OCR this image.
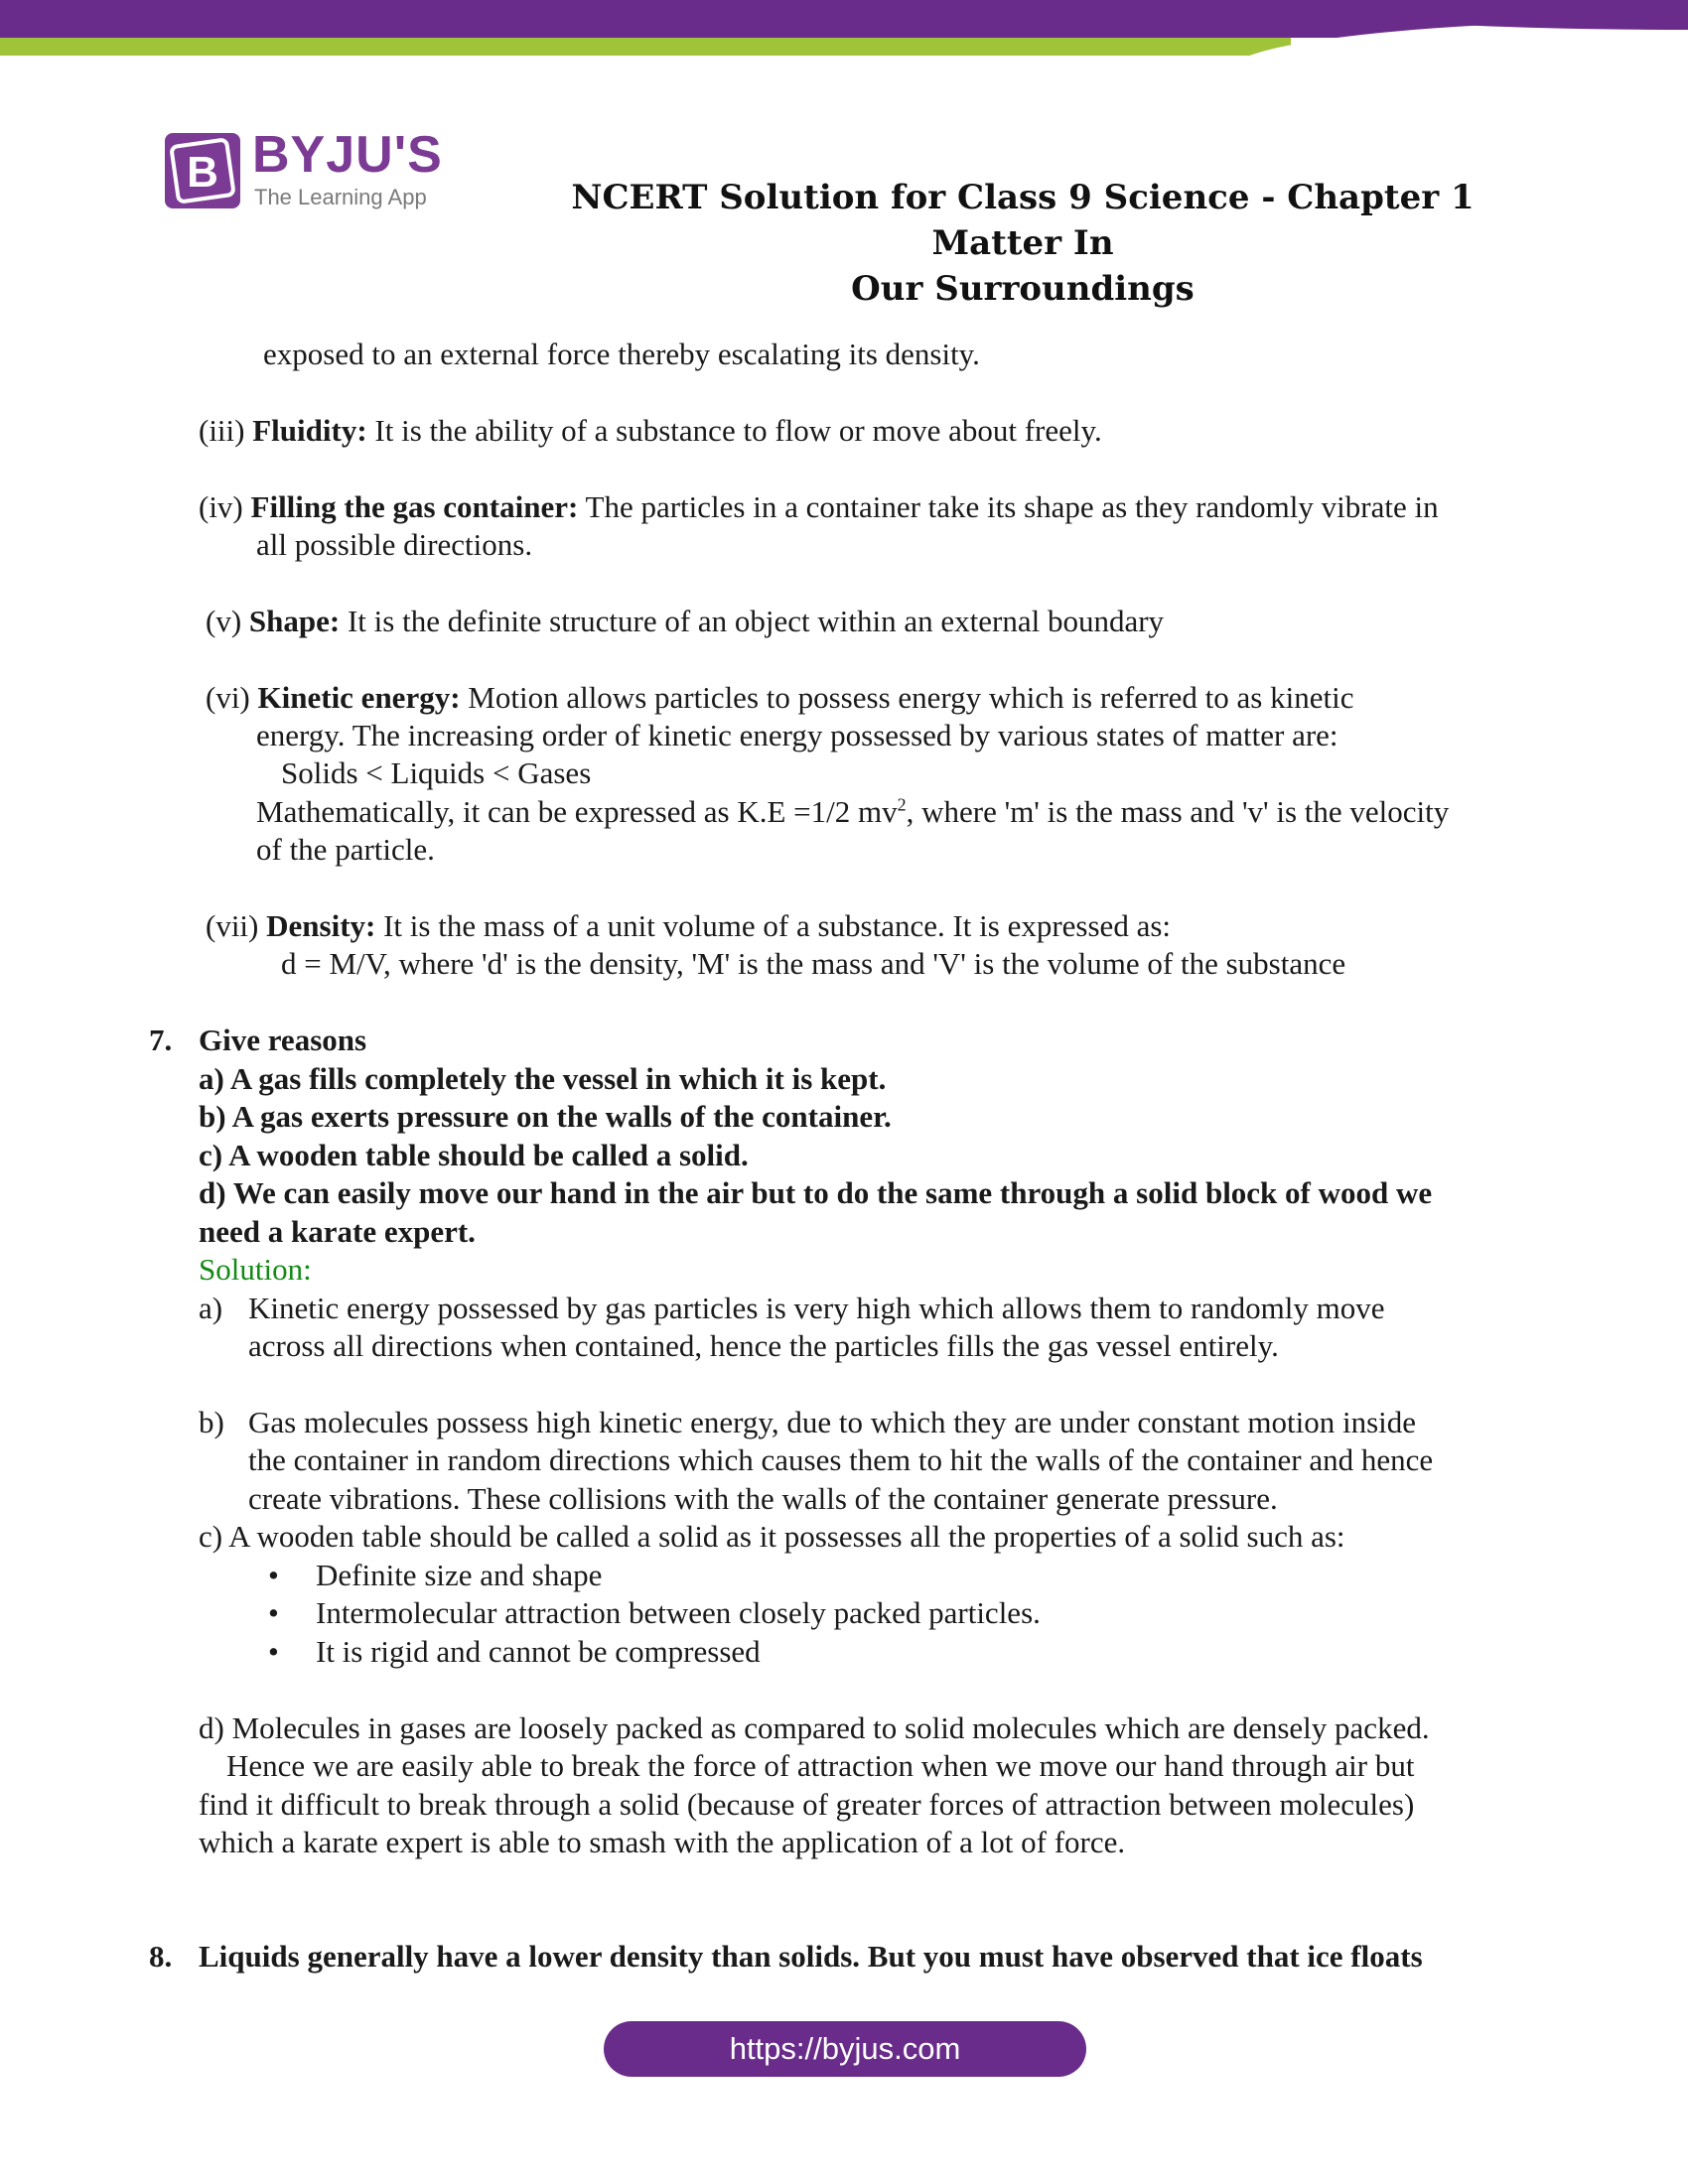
B BYJU'S
The Learning App	NCERT Solution for Class 9 Science - Chapter 1 Matter In
Our Surroundings
exposed to an external force thereby escalating its density.
(iii) Fluidity: It is the ability of a substance to flow or move about freely.
(iv) Filling the gas container: The particles in a container take its shape as they randomly vibrate in
all possible directions.
(v) Shape: It is the definite structure of an object within an external boundary
(vi) Kinetic energy: Motion allows particles to possess energy which is referred to as kinetic
energy. The increasing order of kinetic energy possessed by various states of matter are:
Solids < Liquids < Gases
Mathematically, it can be expressed as K.E =1/2 $mv^2$, where 'm' is the mass and 'v' is the velocity
of the particle.
(vii) Density: It is the mass of a unit volume of a substance. It is expressed as:
d = M/V, where 'd' is the density, 'M' is the mass and 'V' is the volume of the substance
7. Give reasons
a) A gas fills completely the vessel in which it is kept.
b) A gas exerts pressure on the walls of the container.
c) A wooden table should be called a solid.
d) We can easily move our hand in the air but to do the same through a solid block of wood we
need a karate expert.
Solution:
a) Kinetic energy possessed by gas particles is very high which allows them to randomly move
across all directions when contained, hence the particles fills the gas vessel entirely.
b) Gas molecules possess high kinetic energy, due to which they are under constant motion inside
the container in random directions which causes them to hit the walls of the container and hence
create vibrations. These collisions with the walls of the container generate pressure.
c) A wooden table should be called a solid as it possesses all the properties of a solid such as:
• Definite size and shape
• Intermolecular attraction between closely packed particles.
• It is rigid and cannot be compressed
d) Molecules in gases are loosely packed as compared to solid molecules which are densely packed.
Hence we are easily able to break the force of attraction when we move our hand through air but
find it difficult to break through a solid (because of greater forces of attraction between molecules)
which a karate expert is able to smash with the application of a lot of force.
8. Liquids generally have a lower density than solids. But you must have observed that ice floats
https://byjus.com
